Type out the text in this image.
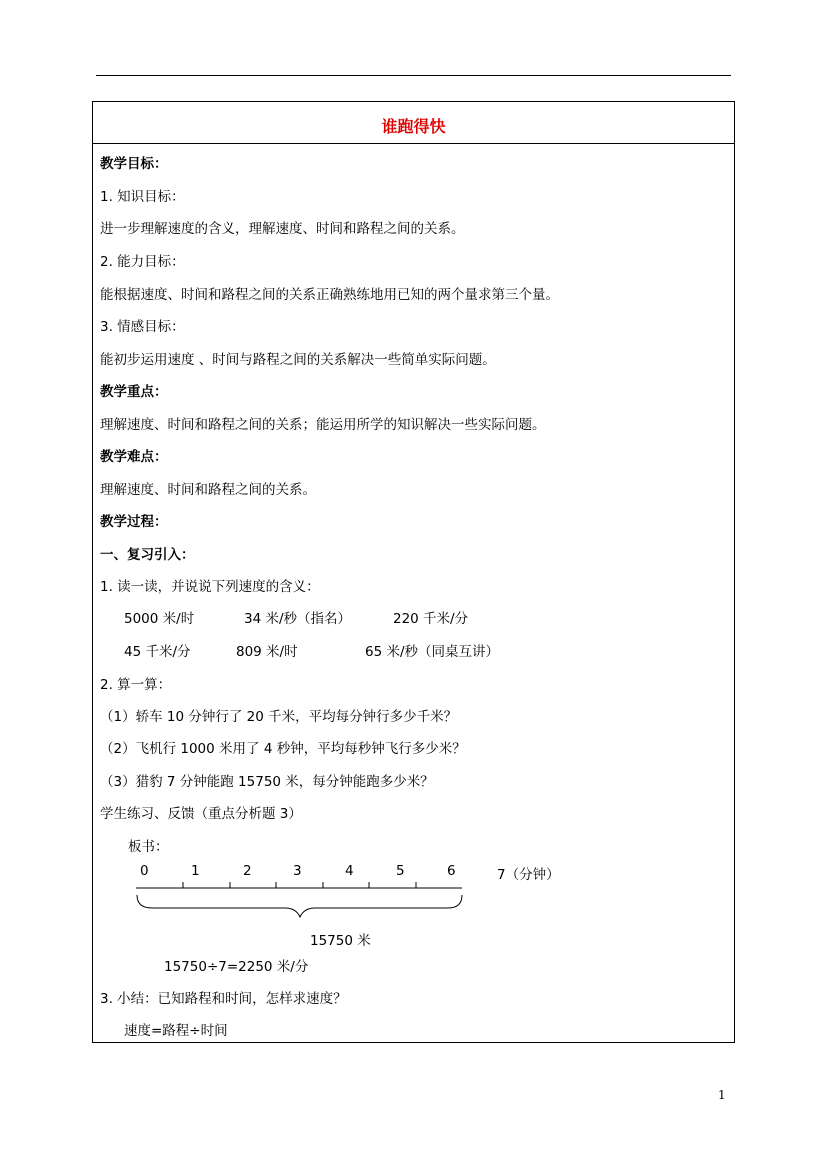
谁跑得快
教学目标：
1. 知识目标：
进一步理解速度的含义，理解速度、时间和路程之间的关系。
2. 能力目标：
能根据速度、时间和路程之间的关系正确熟练地用已知的两个量求第三个量。
3. 情感目标：
能初步运用速度 、时间与路程之间的关系解决一些简单实际问题。
教学重点：
理解速度、时间和路程之间的关系；能运用所学的知识解决一些实际问题。
教学难点：
理解速度、时间和路程之间的关系。
教学过程：
一、复习引入：
1. 读一读，并说说下列速度的含义：
5000 米/时	34 米/秒（指名）	220 千米/分
45 千米/分	809 米/时	65 米/秒（同桌互讲）
2. 算一算：
（1）轿车 10 分钟行了 20 千米，平均每分钟行多少千米？
（2）飞机行 1000 米用了 4 秒钟，平均每秒钟飞行多少米？
（3）猎豹 7 分钟能跑 15750 米，每分钟能跑多少米？
学生练习、反馈（重点分析题 3）
板书：
0	1	2	3	4	5	6	7（分钟）
15750 米
15750÷7=2250 米/分
3. 小结：已知路程和时间，怎样求速度？
速度=路程÷时间
1
